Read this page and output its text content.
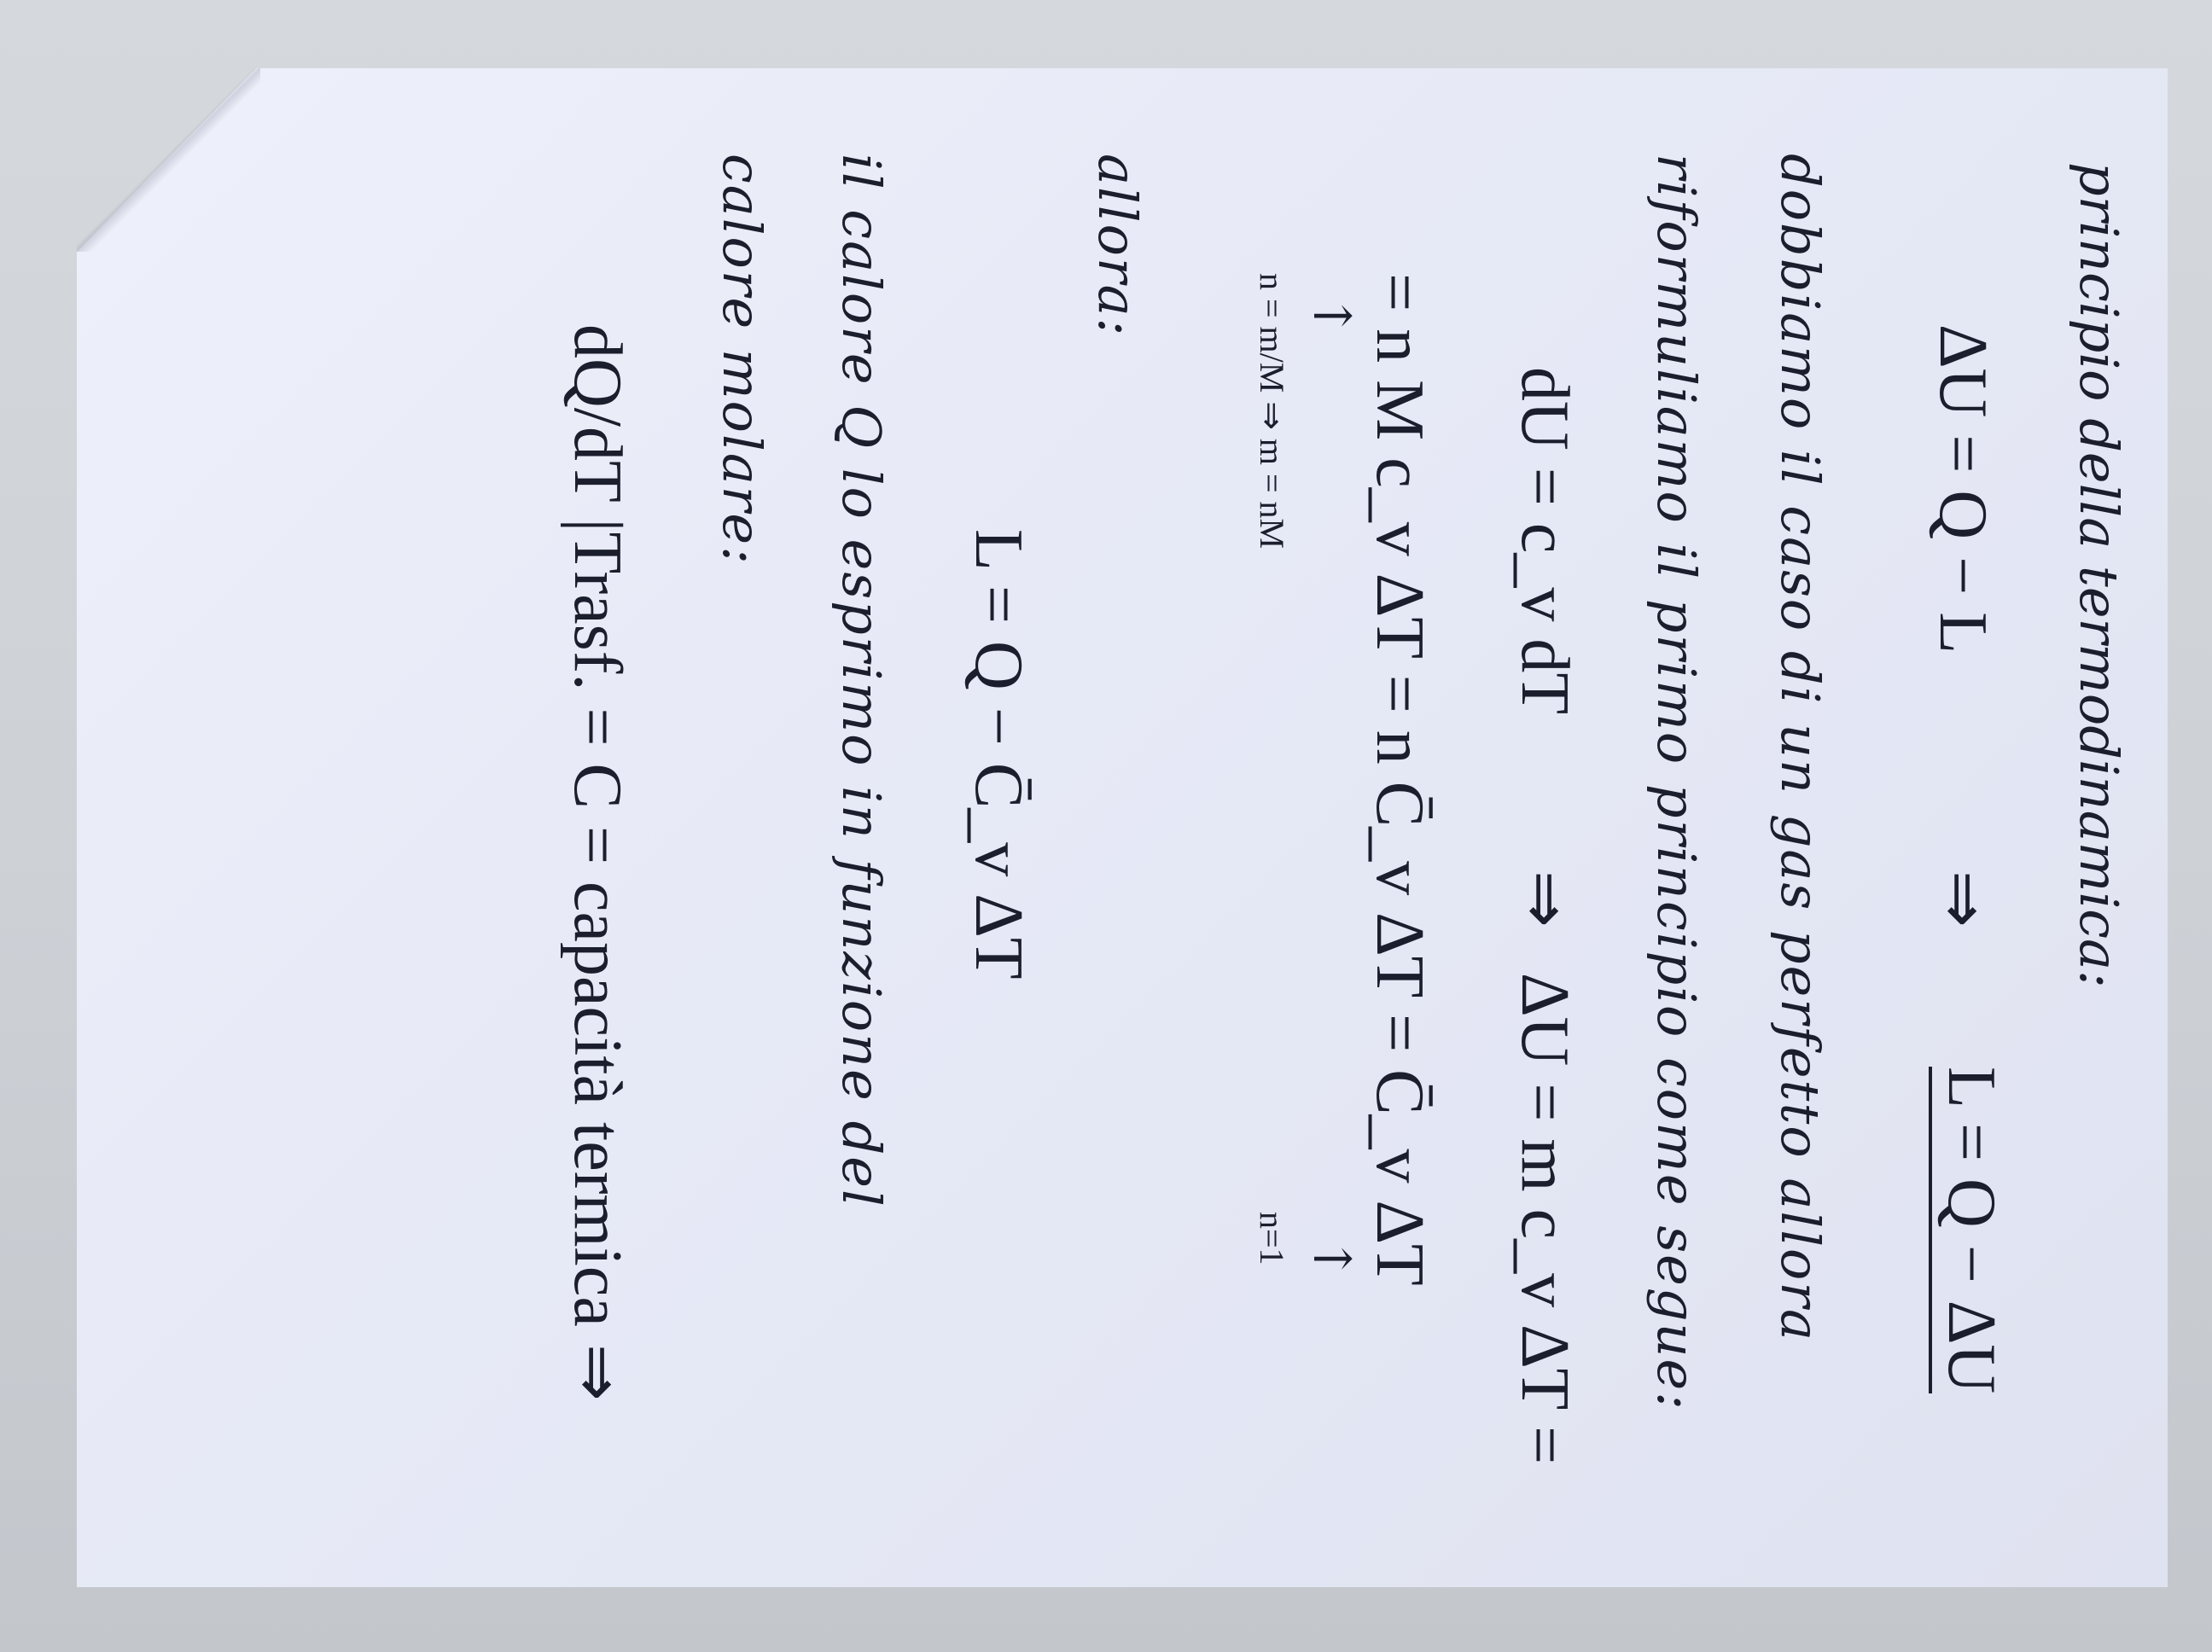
principio della termodinamica:
ΔU = Q − L
⇒
L = Q − ΔU
dobbiamo il caso di un gas perfetto allora
riformuliamo il primo principio come segue:
dU = c_v dT
⇒
ΔU = m c_v ΔT =
= n M c_v ΔT = n C̄_v ΔT = C̄_v ΔT
↑
n = m/M ⇒ m = nM
↑
n=1
allora:
L = Q − C̄_v ΔT
il calore Q lo esprimo in funzione del
calore molare:
dQ/dT |Trasf. = C = capacità termica ⇒
